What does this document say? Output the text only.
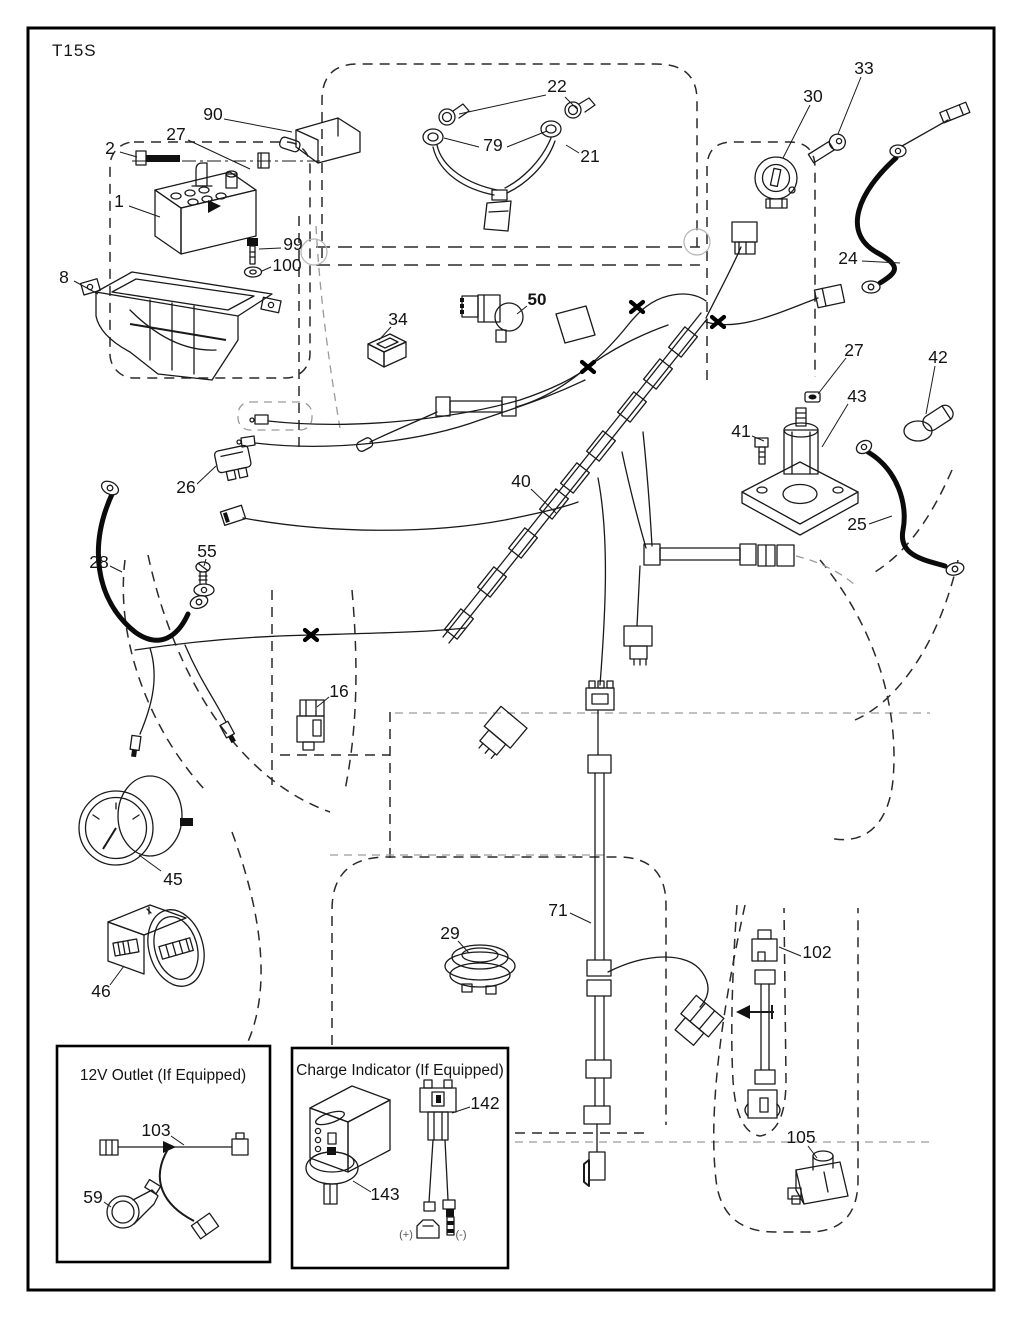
T15S
90
27
2
1
99
100
8
22
79
21
30
33
24
34
50
27	42
43
41
25
40
26
28
55
16
45
46
29
71
102
105
12V Outlet (If Equipped)
103
59
Charge Indicator (If Equipped)
143
142
(+)	(-)
